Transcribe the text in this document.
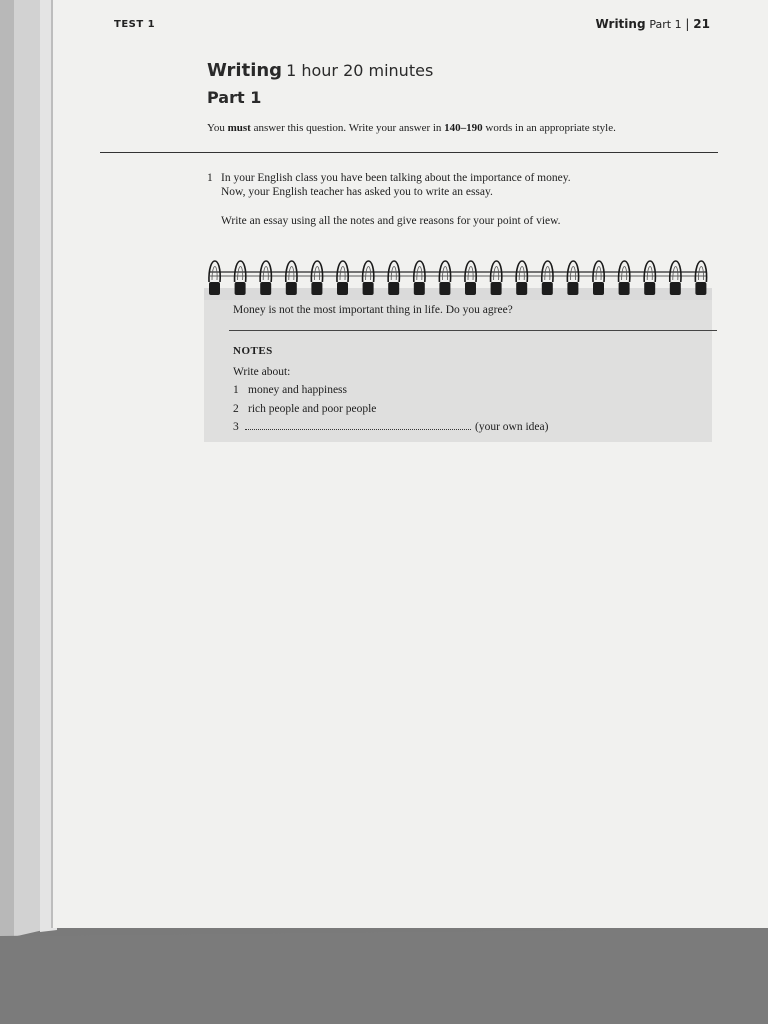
TEST 1	Writing Part 1 | 21
Writing 1 hour 20 minutes
Part 1
You must answer this question. Write your answer in 140–190 words in an appropriate style.
1 In your English class you have been talking about the importance of money.
Now, your English teacher has asked you to write an essay.
Write an essay using all the notes and give reasons for your point of view.
Money is not the most important thing in life. Do you agree?
NOTES
Write about:
1 money and happiness
2 rich people and poor people
3	(your own idea)
